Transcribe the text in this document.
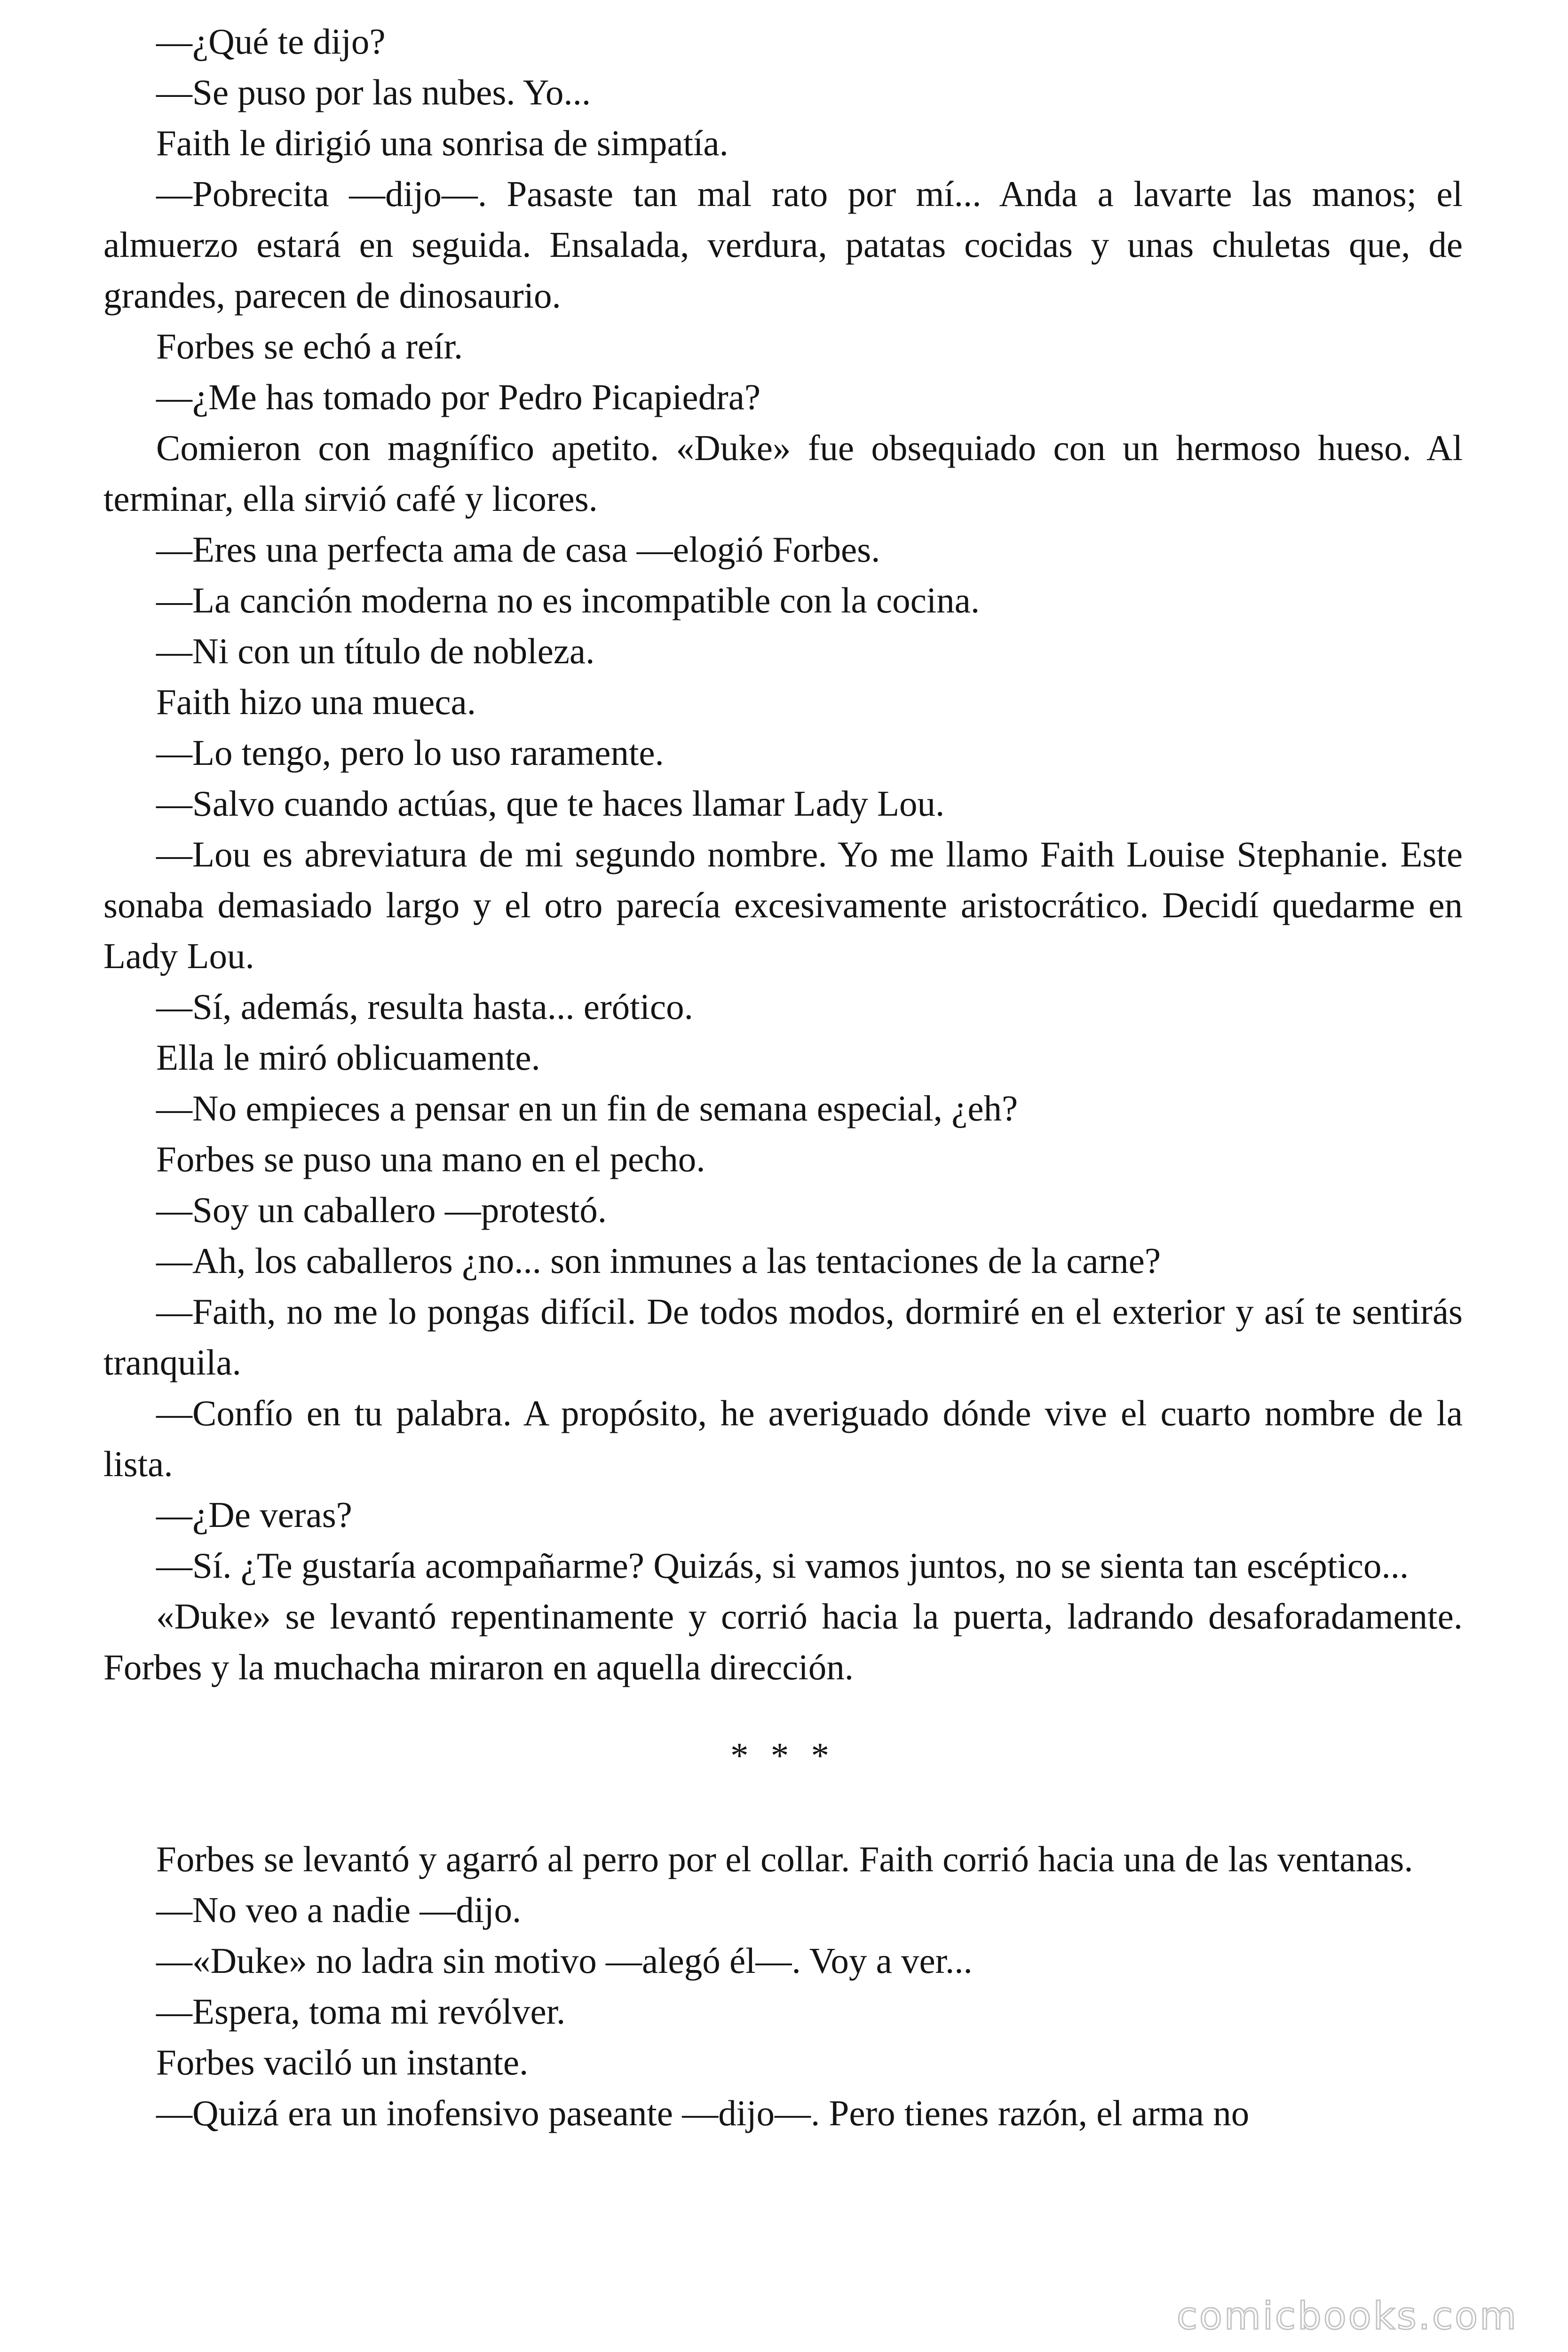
—¿Qué te dijo?

—Se puso por las nubes. Yo...

Faith le dirigió una sonrisa de simpatía.

—Pobrecita —dijo—. Pasaste tan mal rato por mí... Anda a lavarte las manos; el almuerzo estará en seguida. Ensalada, verdura, patatas cocidas y unas chuletas que, de grandes, parecen de dinosaurio.

Forbes se echó a reír.

—¿Me has tomado por Pedro Picapiedra?

Comieron con magnífico apetito. «Duke» fue obsequiado con un hermoso hueso. Al terminar, ella sirvió café y licores.

—Eres una perfecta ama de casa —elogió Forbes.

—La canción moderna no es incompatible con la cocina.

—Ni con un título de nobleza.

Faith hizo una mueca.

—Lo tengo, pero lo uso raramente.

—Salvo cuando actúas, que te haces llamar Lady Lou.

—Lou es abreviatura de mi segundo nombre. Yo me llamo Faith Louise Stephanie. Este sonaba demasiado largo y el otro parecía excesivamente aristocrático. Decidí quedarme en Lady Lou.

—Sí, además, resulta hasta... erótico.

Ella le miró oblicuamente.

—No empieces a pensar en un fin de semana especial, ¿eh?

Forbes se puso una mano en el pecho.

—Soy un caballero —protestó.

—Ah, los caballeros ¿no... son inmunes a las tentaciones de la carne?

—Faith, no me lo pongas difícil. De todos modos, dormiré en el exterior y así te sentirás tranquila.

—Confío en tu palabra. A propósito, he averiguado dónde vive el cuarto nombre de la lista.

—¿De veras?

—Sí. ¿Te gustaría acompañarme? Quizás, si vamos juntos, no se sienta tan escéptico...

«Duke» se levantó repentinamente y corrió hacia la puerta, ladrando desaforadamente. Forbes y la muchacha miraron en aquella dirección.

* * *

Forbes se levantó y agarró al perro por el collar. Faith corrió hacia una de las ventanas.

—No veo a nadie —dijo.

—«Duke» no ladra sin motivo —alegó él—. Voy a ver...

—Espera, toma mi revólver.

Forbes vaciló un instante.

—Quizá era un inofensivo paseante —dijo—. Pero tienes razón, el arma no

comicbooks.com
